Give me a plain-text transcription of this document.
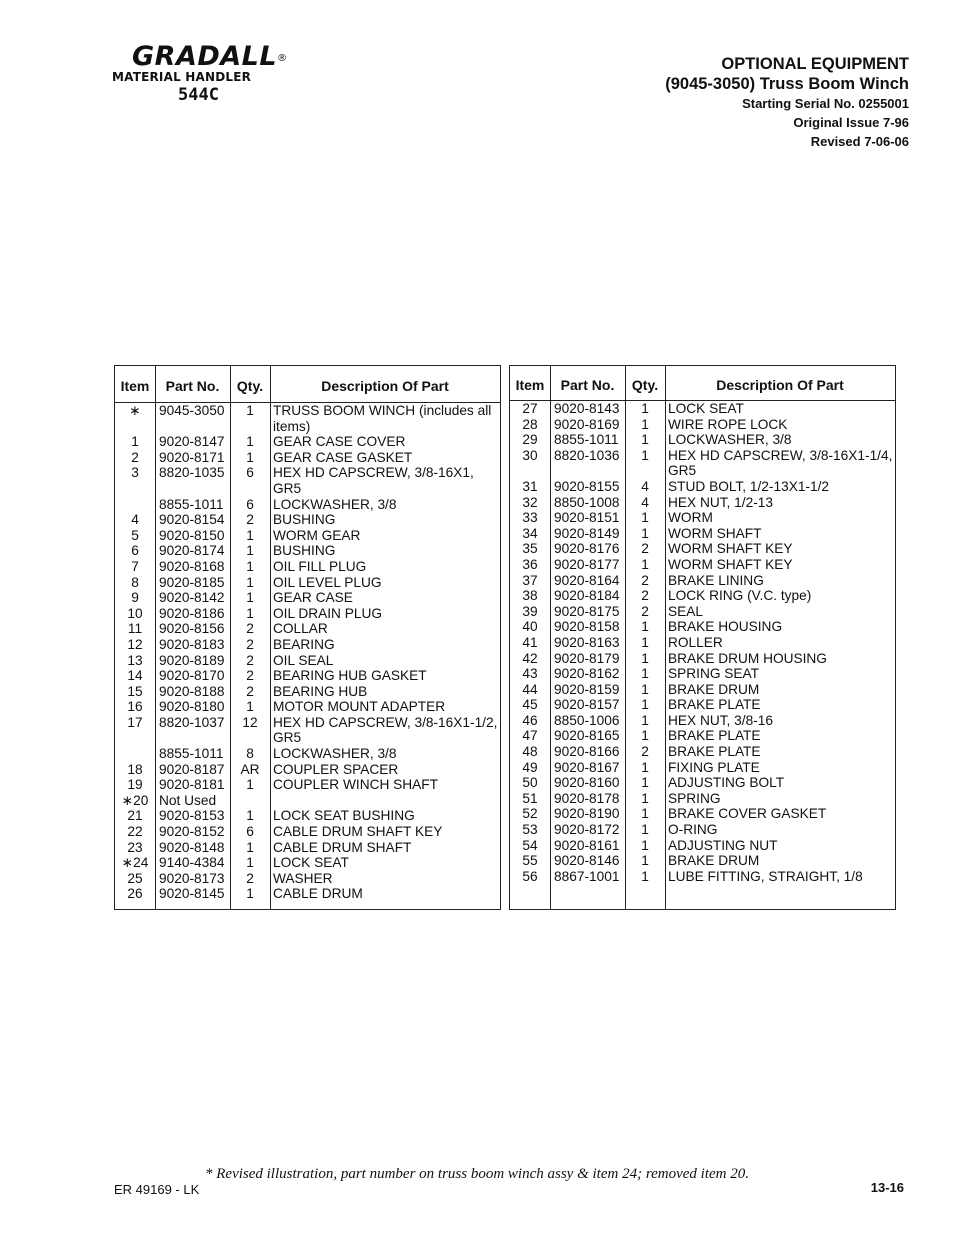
GRADALL®
MATERIAL HANDLER
544C
OPTIONAL EQUIPMENT
(9045-3050) Truss Boom Winch
Starting Serial No. 0255001
Original Issue 7-96
Revised 7-06-06
Item	Part No.	Qty.	Description Of Part
∗	9045-3050	1	TRUSS BOOM WINCH (includes all items)
1	9020-8147	1	GEAR CASE COVER
2	9020-8171	1	GEAR CASE GASKET
3	8820-1035	6	HEX HD CAPSCREW, 3/8-16X1, GR5
8855-1011	6	LOCKWASHER, 3/8
4	9020-8154	2	BUSHING
5	9020-8150	1	WORM GEAR
6	9020-8174	1	BUSHING
7	9020-8168	1	OIL FILL PLUG
8	9020-8185	1	OIL LEVEL PLUG
9	9020-8142	1	GEAR CASE
10	9020-8186	1	OIL DRAIN PLUG
11	9020-8156	2	COLLAR
12	9020-8183	2	BEARING
13	9020-8189	2	OIL SEAL
14	9020-8170	2	BEARING HUB GASKET
15	9020-8188	2	BEARING HUB
16	9020-8180	1	MOTOR MOUNT ADAPTER
17	8820-1037	12	HEX HD CAPSCREW, 3/8-16X1-1/2, GR5
8855-1011	8	LOCKWASHER, 3/8
18	9020-8187	AR COUPLER SPACER
19	9020-8181	1	COUPLER WINCH SHAFT
∗20 Not Used
21	9020-8153	1	LOCK SEAT BUSHING
22	9020-8152	6	CABLE DRUM SHAFT KEY
23	9020-8148	1	CABLE DRUM SHAFT
∗24 9140-4384	1	LOCK SEAT
25	9020-8173	2	WASHER
26	9020-8145	1	CABLE DRUM
Item	Part No.	Qty.	Description Of Part
27	9020-8143	1	LOCK SEAT
28	9020-8169	1	WIRE ROPE LOCK
29	8855-1011	1	LOCKWASHER, 3/8
30	8820-1036	1	HEX HD CAPSCREW, 3/8-16X1-1/4, GR5
31	9020-8155	4	STUD BOLT, 1/2-13X1-1/2
32	8850-1008	4	HEX NUT, 1/2-13
33	9020-8151	1	WORM
34	9020-8149	1	WORM SHAFT
35	9020-8176	2	WORM SHAFT KEY
36	9020-8177	1	WORM SHAFT KEY
37	9020-8164	2	BRAKE LINING
38	9020-8184	2	LOCK RING (V.C. type)
39	9020-8175	2	SEAL
40	9020-8158	1	BRAKE HOUSING
41	9020-8163	1	ROLLER
42	9020-8179	1	BRAKE DRUM HOUSING
43	9020-8162	1	SPRING SEAT
44	9020-8159	1	BRAKE DRUM
45	9020-8157	1	BRAKE PLATE
46	8850-1006	1	HEX NUT, 3/8-16
47	9020-8165	1	BRAKE PLATE
48	9020-8166	2	BRAKE PLATE
49	9020-8167	1	FIXING PLATE
50	9020-8160	1	ADJUSTING BOLT
51	9020-8178	1	SPRING
52	9020-8190	1	BRAKE COVER GASKET
53	9020-8172	1	O-RING
54	9020-8161	1	ADJUSTING NUT
55	9020-8146	1	BRAKE DRUM
56	8867-1001	1	LUBE FITTING, STRAIGHT, 1/8
* Revised illustration, part number on truss boom winch assy & item 24; removed item 20.
ER 49169 - LK	13-16
